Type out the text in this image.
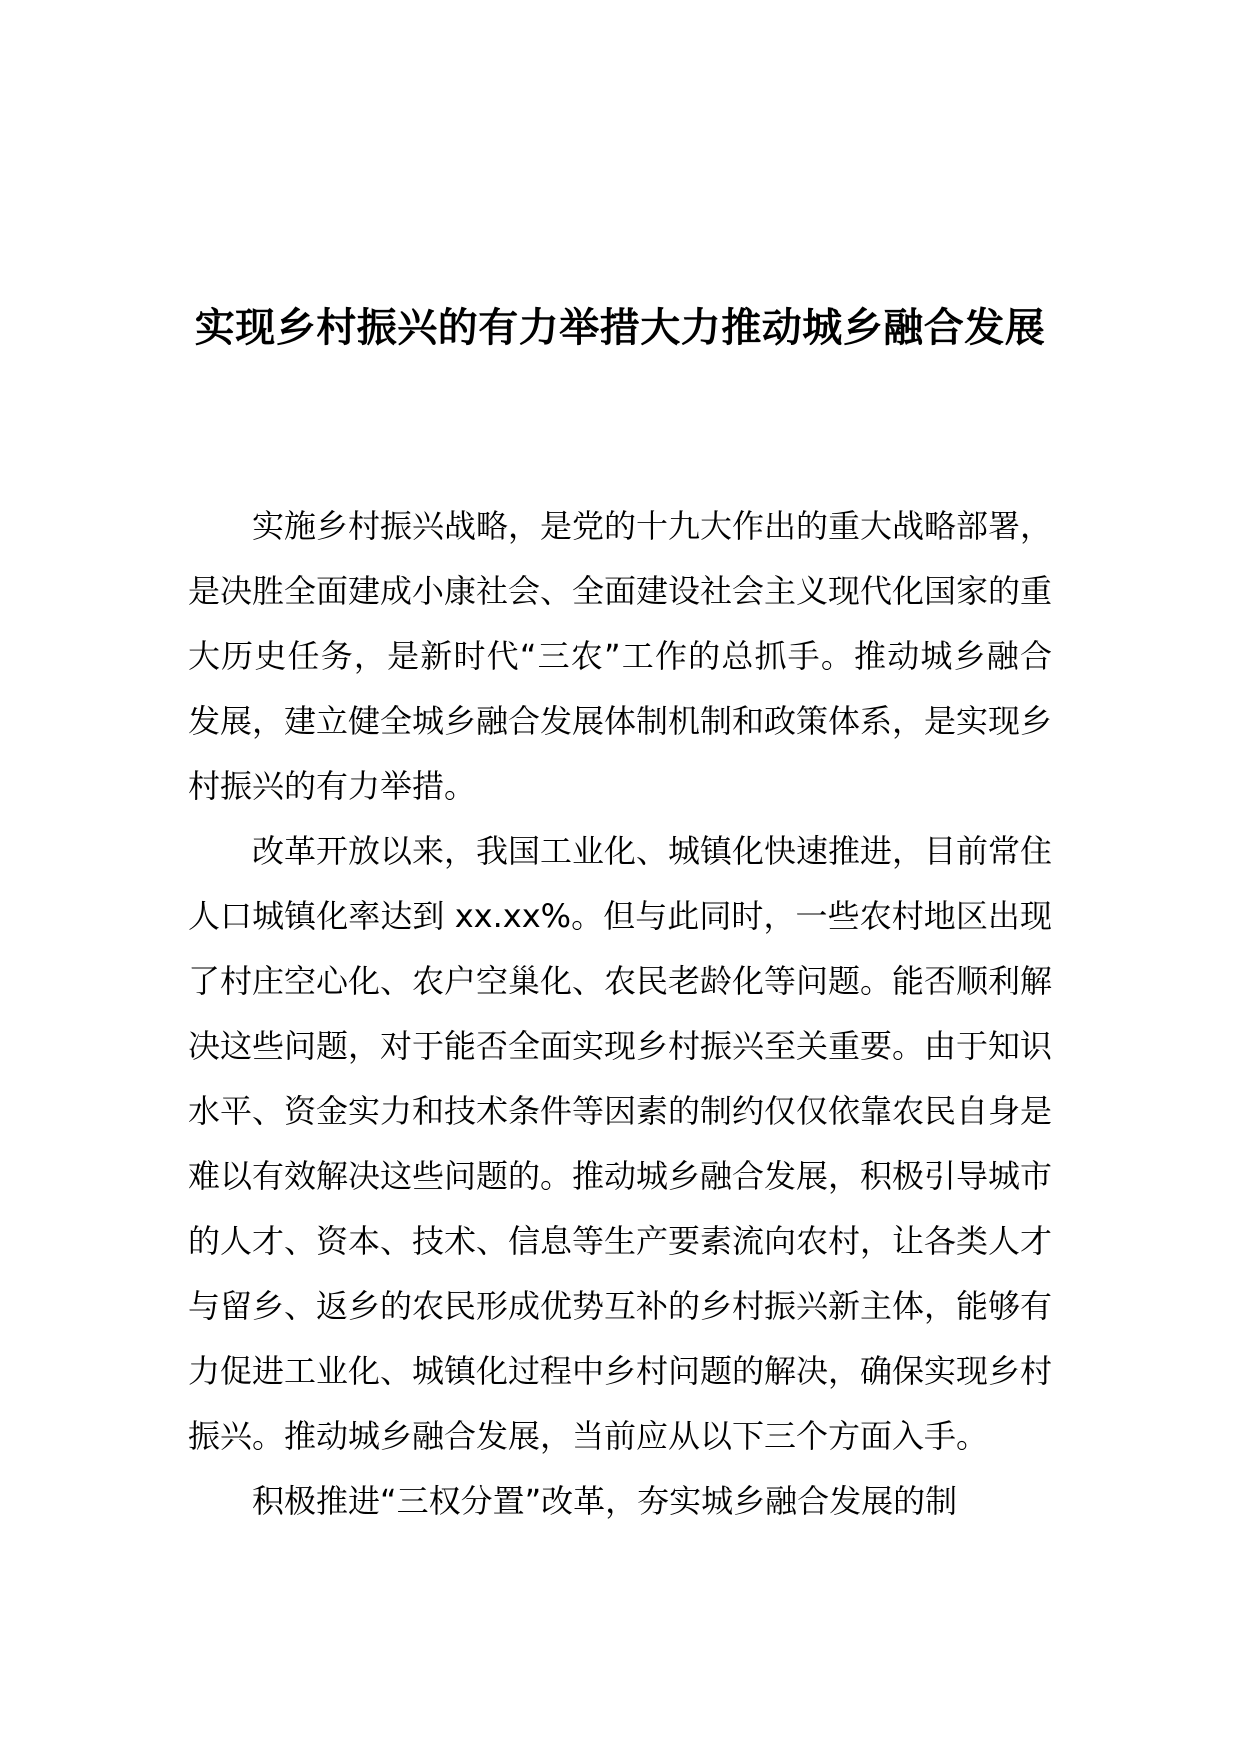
实现乡村振兴的有力举措大力推动城乡融合发展

实施乡村振兴战略，是党的十九大作出的重大战略部署，是决胜全面建成小康社会、全面建设社会主义现代化国家的重大历史任务，是新时代“三农”工作的总抓手。推动城乡融合发展，建立健全城乡融合发展体制机制和政策体系，是实现乡村振兴的有力举措。

改革开放以来，我国工业化、城镇化快速推进，目前常住人口城镇化率达到 xx.xx%。但与此同时，一些农村地区出现了村庄空心化、农户空巢化、农民老龄化等问题。能否顺利解决这些问题，对于能否全面实现乡村振兴至关重要。由于知识水平、资金实力和技术条件等因素的制约仅仅依靠农民自身是难以有效解决这些问题的。推动城乡融合发展，积极引导城市的人才、资本、技术、信息等生产要素流向农村，让各类人才与留乡、返乡的农民形成优势互补的乡村振兴新主体，能够有力促进工业化、城镇化过程中乡村问题的解决，确保实现乡村振兴。推动城乡融合发展，当前应从以下三个方面入手。

积极推进“三权分置”改革，夯实城乡融合发展的制
